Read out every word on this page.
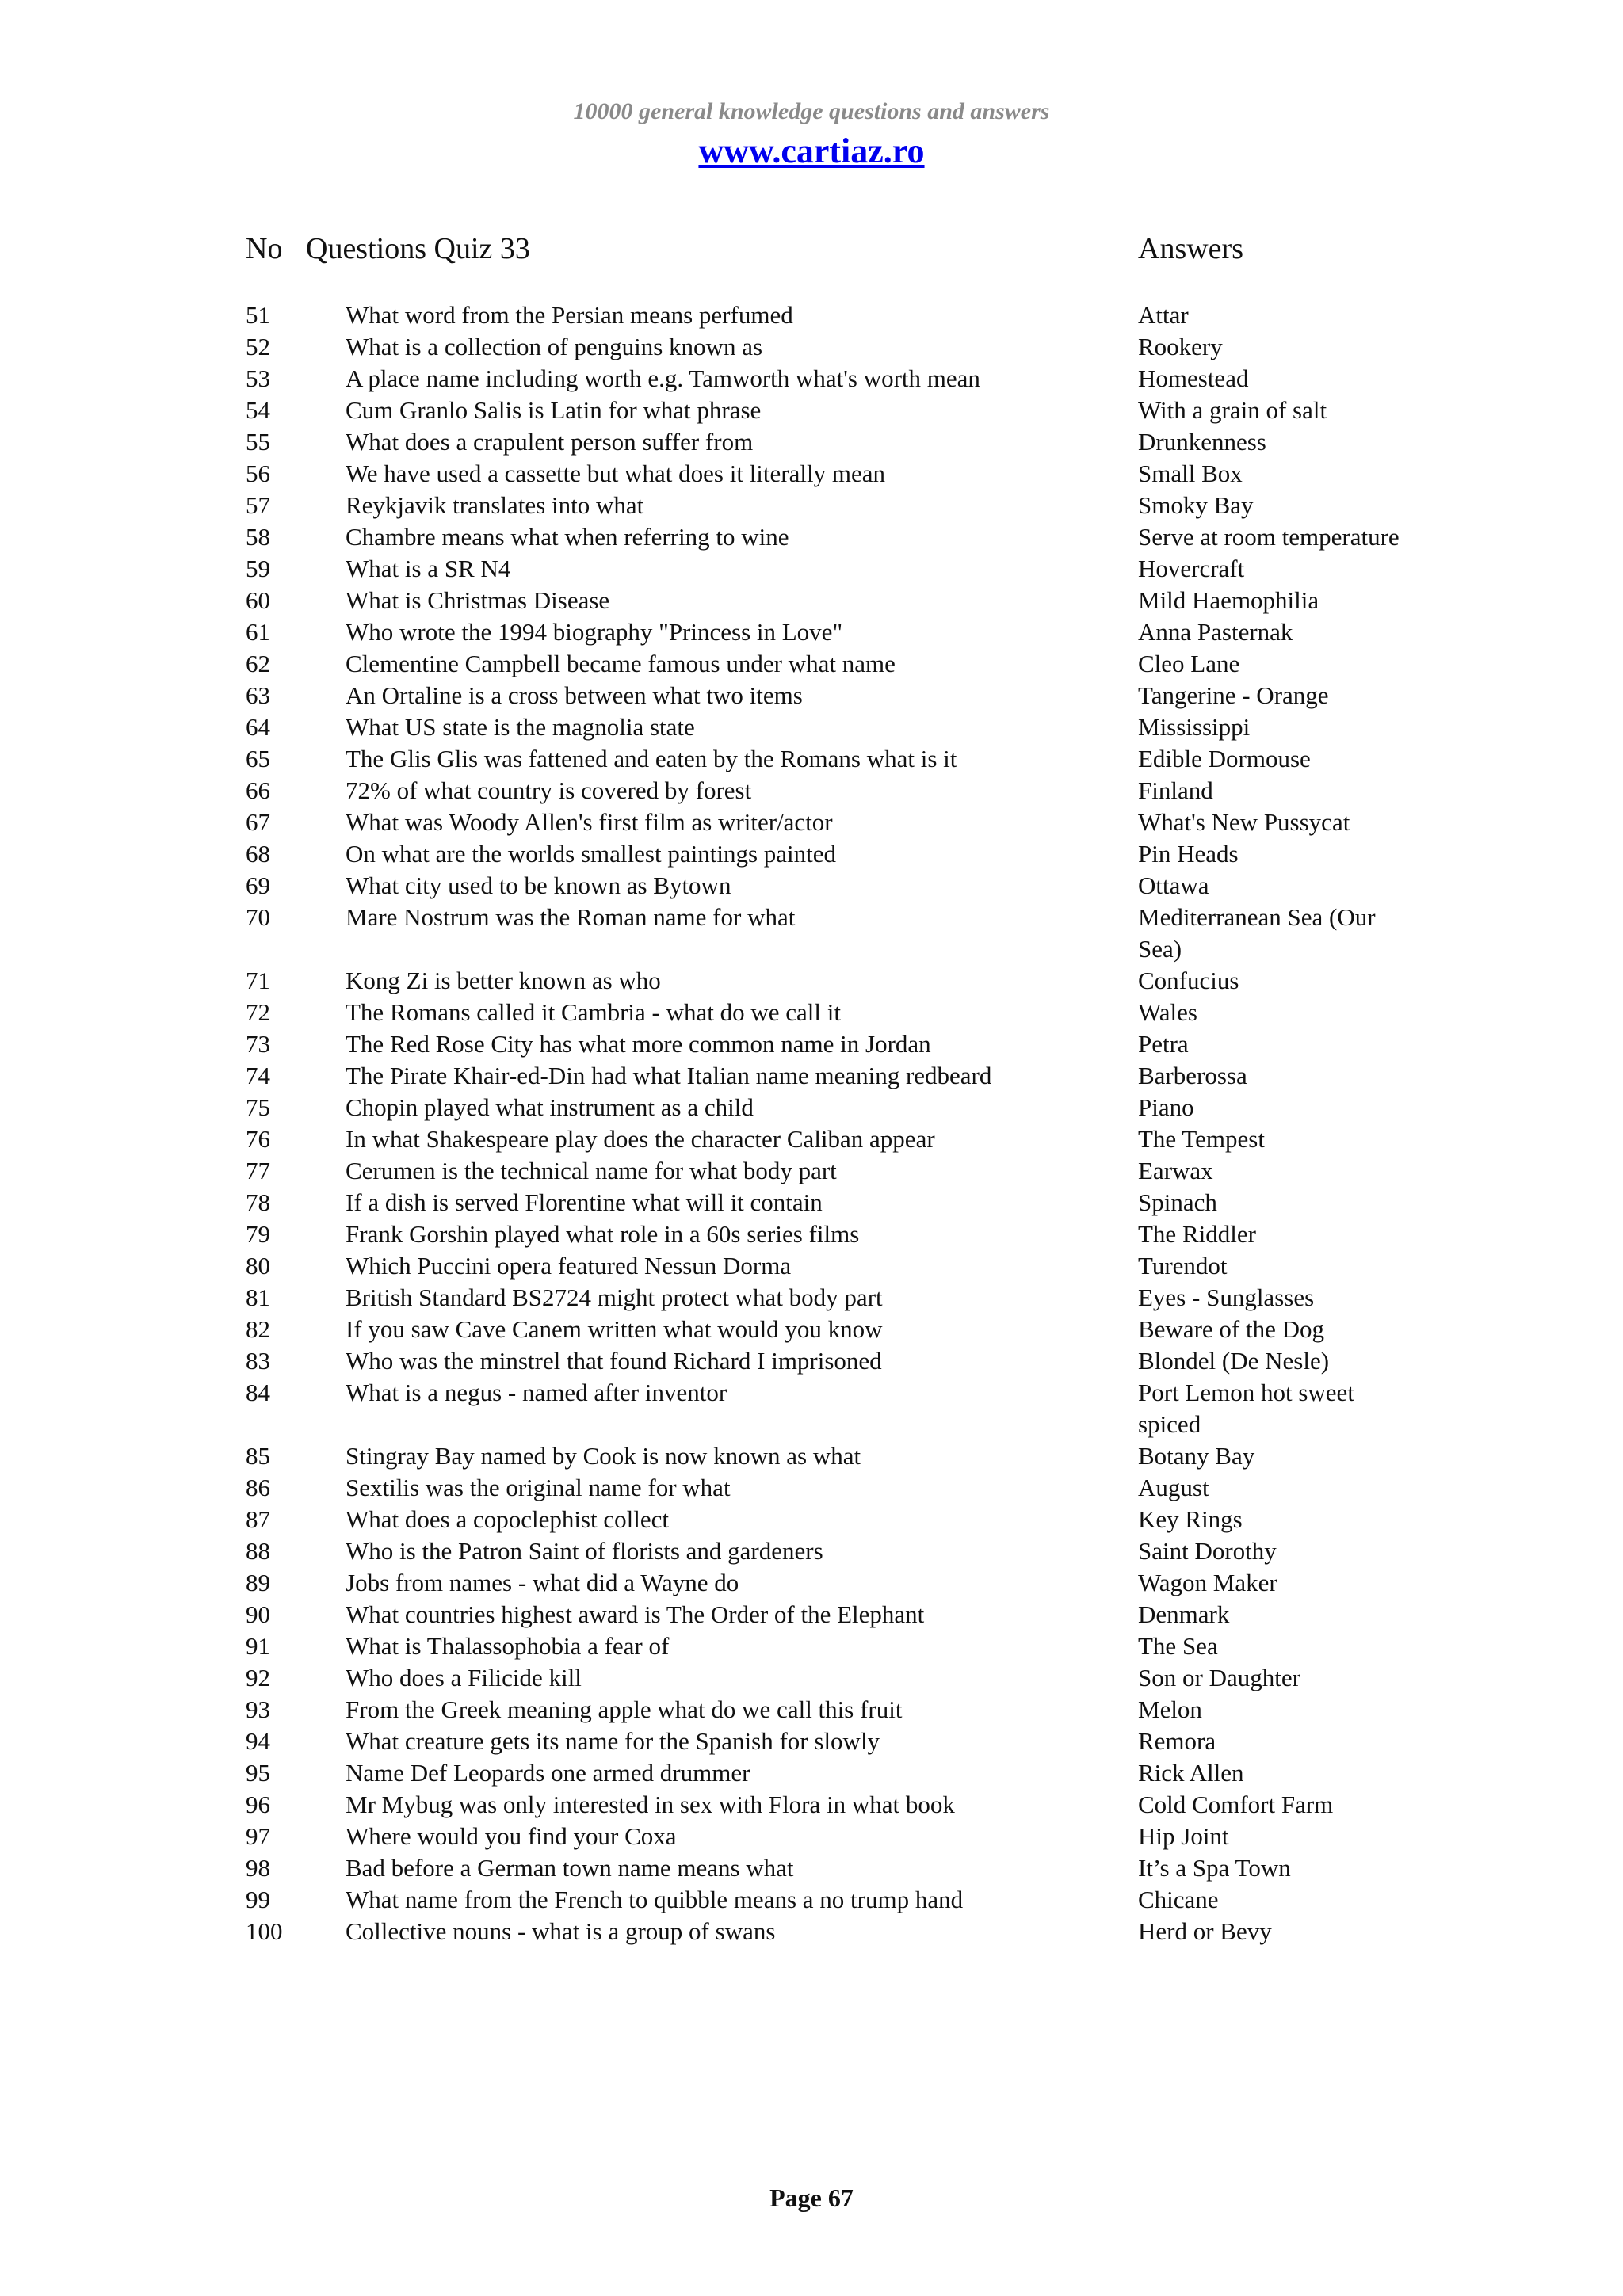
10000 general knowledge questions and answers
www.cartiaz.ro
No Questions Quiz 33	Answers
51	What word from the Persian means perfumed	Attar
52	What is a collection of penguins known as	Rookery
53	A place name including worth e.g. Tamworth what's worth mean	Homestead
54	Cum Granlo Salis is Latin for what phrase	With a grain of salt
55	What does a crapulent person suffer from	Drunkenness
56	We have used a cassette but what does it literally mean	Small Box
57	Reykjavik translates into what	Smoky Bay
58	Chambre means what when referring to wine	Serve at room temperature
59	What is a SR N4	Hovercraft
60	What is Christmas Disease	Mild Haemophilia
61	Who wrote the 1994 biography "Princess in Love"	Anna Pasternak
62	Clementine Campbell became famous under what name	Cleo Lane
63	An Ortaline is a cross between what two items	Tangerine - Orange
64	What US state is the magnolia state	Mississippi
65	The Glis Glis was fattened and eaten by the Romans what is it	Edible Dormouse
66	72% of what country is covered by forest	Finland
67	What was Woody Allen's first film as writer/actor	What's New Pussycat
68	On what are the worlds smallest paintings painted	Pin Heads
69	What city used to be known as Bytown	Ottawa
70	Mare Nostrum was the Roman name for what	Mediterranean Sea (Our Sea)
71	Kong Zi is better known as who	Confucius
72	The Romans called it Cambria - what do we call it	Wales
73	The Red Rose City has what more common name in Jordan	Petra
74	The Pirate Khair-ed-Din had what Italian name meaning redbeard	Barberossa
75	Chopin played what instrument as a child	Piano
76	In what Shakespeare play does the character Caliban appear	The Tempest
77	Cerumen is the technical name for what body part	Earwax
78	If a dish is served Florentine what will it contain	Spinach
79	Frank Gorshin played what role in a 60s series films	The Riddler
80	Which Puccini opera featured Nessun Dorma	Turendot
81	British Standard BS2724 might protect what body part	Eyes - Sunglasses
82	If you saw Cave Canem written what would you know	Beware of the Dog
83	Who was the minstrel that found Richard I imprisoned	Blondel (De Nesle)
84	What is a negus - named after inventor	Port Lemon hot sweet spiced
85	Stingray Bay named by Cook is now known as what	Botany Bay
86	Sextilis was the original name for what	August
87	What does a copoclephist collect	Key Rings
88	Who is the Patron Saint of florists and gardeners	Saint Dorothy
89	Jobs from names - what did a Wayne do	Wagon Maker
90	What countries highest award is The Order of the Elephant	Denmark
91	What is Thalassophobia a fear of	The Sea
92	Who does a Filicide kill	Son or Daughter
93	From the Greek meaning apple what do we call this fruit	Melon
94	What creature gets its name for the Spanish for slowly	Remora
95	Name Def Leopards one armed drummer	Rick Allen
96	Mr Mybug was only interested in sex with Flora in what book	Cold Comfort Farm
97	Where would you find your Coxa	Hip Joint
98	Bad before a German town name means what	It’s a Spa Town
99	What name from the French to quibble means a no trump hand	Chicane
100	Collective nouns - what is a group of swans	Herd or Bevy
Page 67
